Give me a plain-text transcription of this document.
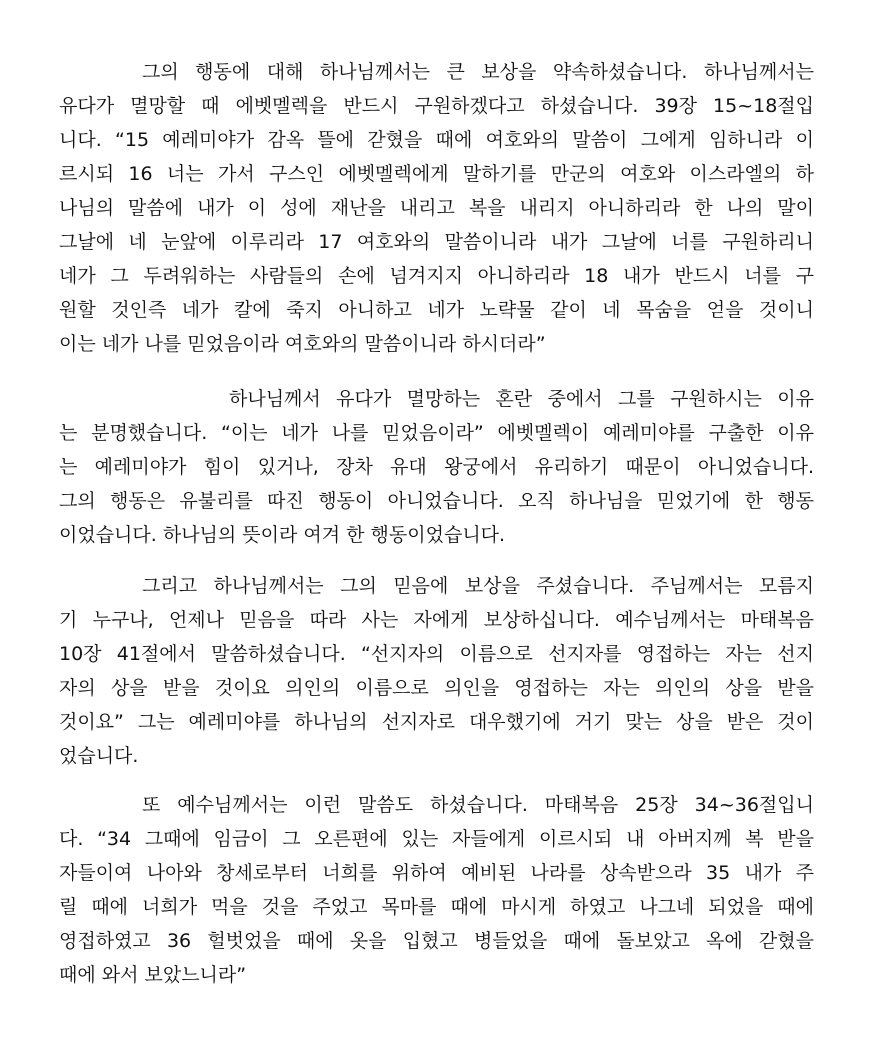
그의 행동에 대해 하나님께서는 큰 보상을 약속하셨습니다. 하나님께서는
유다가 멸망할 때 에벳멜렉을 반드시 구원하겠다고 하셨습니다. 39장 15~18절입
니다. “15 예레미야가 감옥 뜰에 갇혔을 때에 여호와의 말씀이 그에게 임하니라 이
르시되 16 너는 가서 구스인 에벳멜렉에게 말하기를 만군의 여호와 이스라엘의 하
나님의 말씀에 내가 이 성에 재난을 내리고 복을 내리지 아니하리라 한 나의 말이
그날에 네 눈앞에 이루리라 17 여호와의 말씀이니라 내가 그날에 너를 구원하리니
네가 그 두려워하는 사람들의 손에 넘겨지지 아니하리라 18 내가 반드시 너를 구
원할 것인즉 네가 칼에 죽지 아니하고 네가 노략물 같이 네 목숨을 얻을 것이니
이는 네가 나를 믿었음이라 여호와의 말씀이니라 하시더라”
하나님께서 유다가 멸망하는 혼란 중에서 그를 구원하시는 이유
는 분명했습니다. “이는 네가 나를 믿었음이라” 에벳멜렉이 예레미야를 구출한 이유
는 예레미야가 힘이 있거나, 장차 유대 왕궁에서 유리하기 때문이 아니었습니다.
그의 행동은 유불리를 따진 행동이 아니었습니다. 오직 하나님을 믿었기에 한 행동
이었습니다. 하나님의 뜻이라 여겨 한 행동이었습니다.
그리고 하나님께서는 그의 믿음에 보상을 주셨습니다. 주님께서는 모름지
기 누구나, 언제나 믿음을 따라 사는 자에게 보상하십니다. 예수님께서는 마태복음
10장 41절에서 말씀하셨습니다. “선지자의 이름으로 선지자를 영접하는 자는 선지
자의 상을 받을 것이요 의인의 이름으로 의인을 영접하는 자는 의인의 상을 받을
것이요” 그는 예레미야를 하나님의 선지자로 대우했기에 거기 맞는 상을 받은 것이
었습니다.
또 예수님께서는 이런 말씀도 하셨습니다. 마태복음 25장 34~36절입니
다. “34 그때에 임금이 그 오른편에 있는 자들에게 이르시되 내 아버지께 복 받을
자들이여 나아와 창세로부터 너희를 위하여 예비된 나라를 상속받으라 35 내가 주
릴 때에 너희가 먹을 것을 주었고 목마를 때에 마시게 하였고 나그네 되었을 때에
영접하였고 36 헐벗었을 때에 옷을 입혔고 병들었을 때에 돌보았고 옥에 갇혔을
때에 와서 보았느니라”
